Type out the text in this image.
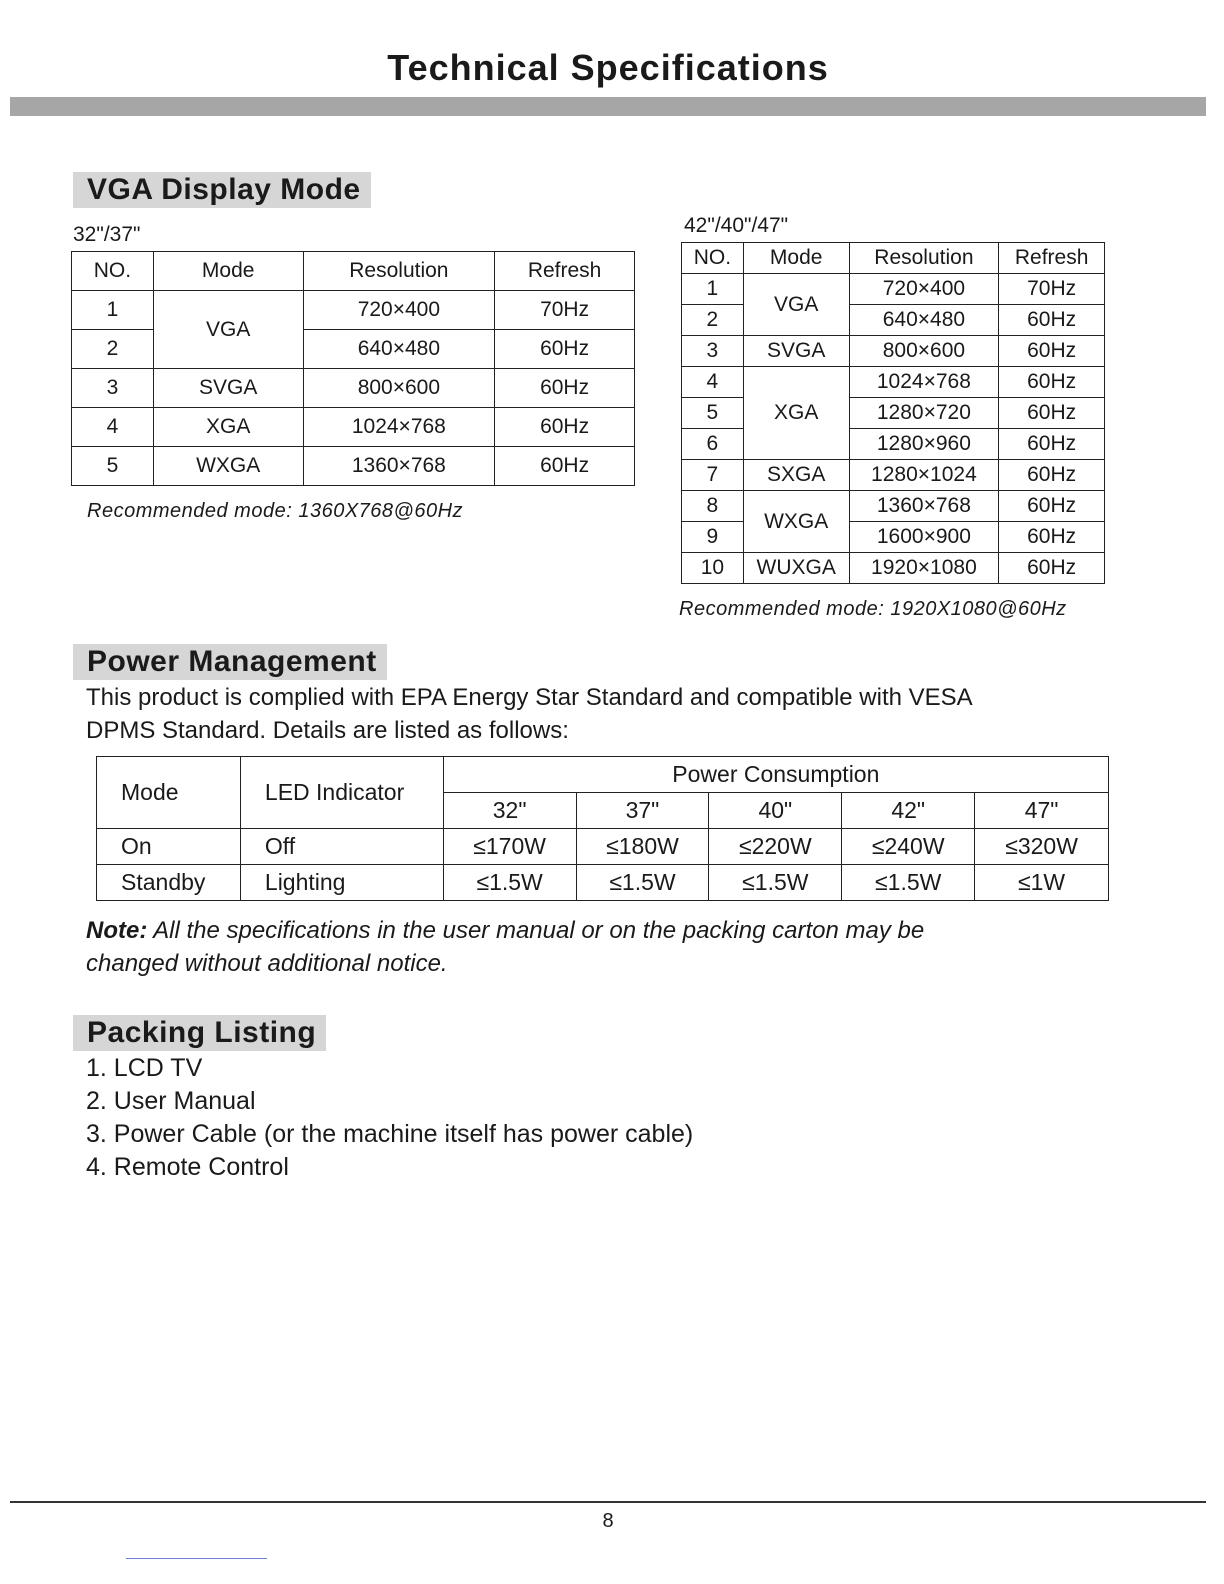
Technical Specifications
VGA Display Mode
32"/37"
NO.	Mode	Resolution	Refresh
1	VGA	720×400	70Hz
2		640×480	60Hz
3	SVGA	800×600	60Hz
4	XGA	1024×768	60Hz
5	WXGA	1360×768	60Hz
Recommended mode: 1360X768@60Hz
42"/40"/47"
NO.	Mode	Resolution	Refresh
1	VGA	720×400	70Hz
2		640×480	60Hz
3	SVGA	800×600	60Hz
4	XGA	1024×768	60Hz
5		1280×720	60Hz
6		1280×960	60Hz
7	SXGA	1280×1024	60Hz
8	WXGA	1360×768	60Hz
9		1600×900	60Hz
10	WUXGA	1920×1080	60Hz
Recommended mode: 1920X1080@60Hz
Power Management
This product is complied with EPA Energy Star Standard and compatible with VESA
DPMS Standard. Details are listed as follows:
Mode	LED Indicator	Power Consumption				
		32"	37"	40"	42"	47"
On	Off	≤170W	≤180W	≤220W	≤240W	≤320W
Standby	Lighting	≤1.5W	≤1.5W	≤1.5W	≤1.5W	≤1W
Note: All the specifications in the user manual or on the packing carton may be
changed without additional notice.
Packing Listing
1. LCD TV
2. User Manual
3. Power Cable (or the machine itself has power cable)
4. Remote Control
8
